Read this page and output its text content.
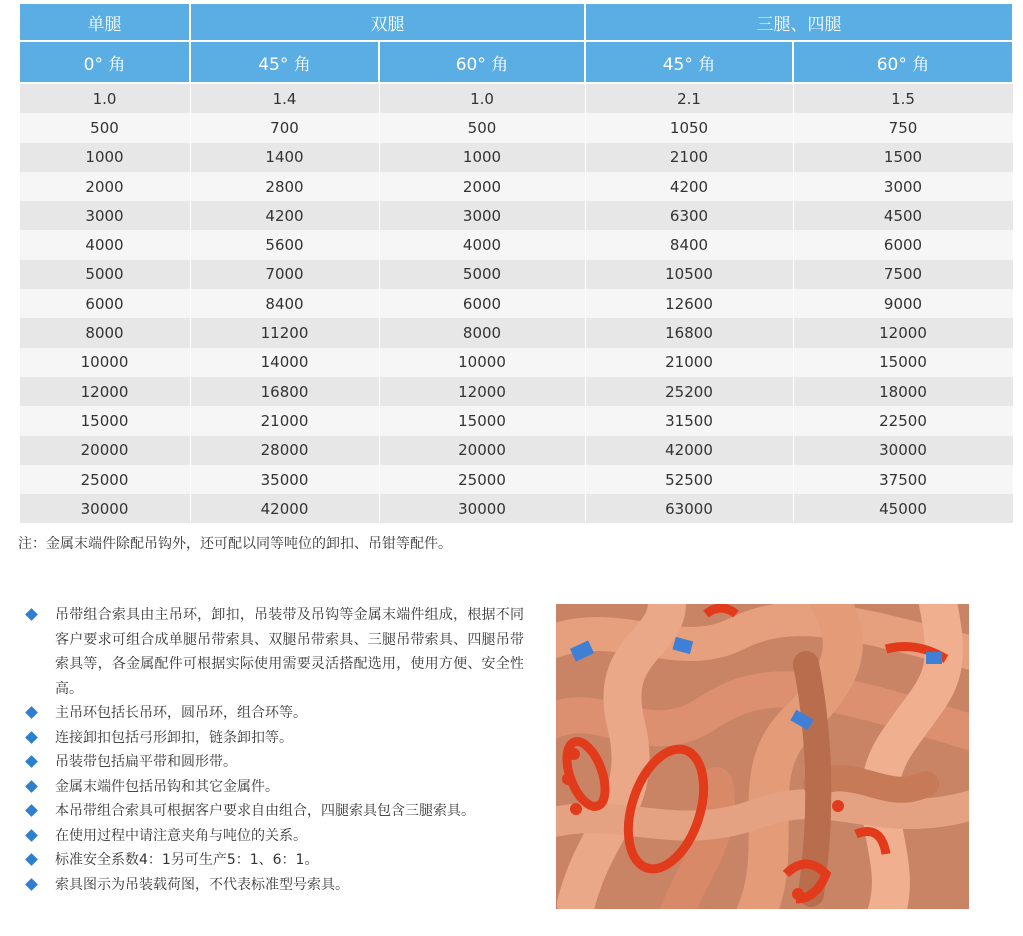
单腿	双腿		三腿、四腿	
0° 角	45° 角	60° 角	45° 角	60° 角
1.0	1.4	1.0	2.1	1.5
500	700	500	1050	750
1000	1400	1000	2100	1500
2000	2800	2000	4200	3000
3000	4200	3000	6300	4500
4000	5600	4000	8400	6000
5000	7000	5000	10500	7500
6000	8400	6000	12600	9000
8000	11200	8000	16800	12000
10000	14000	10000	21000	15000
12000	16800	12000	25200	18000
15000	21000	15000	31500	22500
20000	28000	20000	42000	30000
25000	35000	25000	52500	37500
30000	42000	30000	63000	45000

注：金属末端件除配吊钩外，还可配以同等吨位的卸扣、吊钳等配件。

吊带组合索具由主吊环，卸扣，吊装带及吊钩等金属末端件组成，根据不同客户要求可组合成单腿吊带索具、双腿吊带索具、三腿吊带索具、四腿吊带索具等，各金属配件可根据实际使用需要灵活搭配选用，使用方便、安全性高。
主吊环包括长吊环，圆吊环，组合环等。
连接卸扣包括弓形卸扣，链条卸扣等。
吊装带包括扁平带和圆形带。
金属末端件包括吊钩和其它金属件。
本吊带组合索具可根据客户要求自由组合，四腿索具包含三腿索具。
在使用过程中请注意夹角与吨位的关系。
标准安全系数4：1另可生产5：1、6：1。
索具图示为吊装载荷图，不代表标准型号索具。
